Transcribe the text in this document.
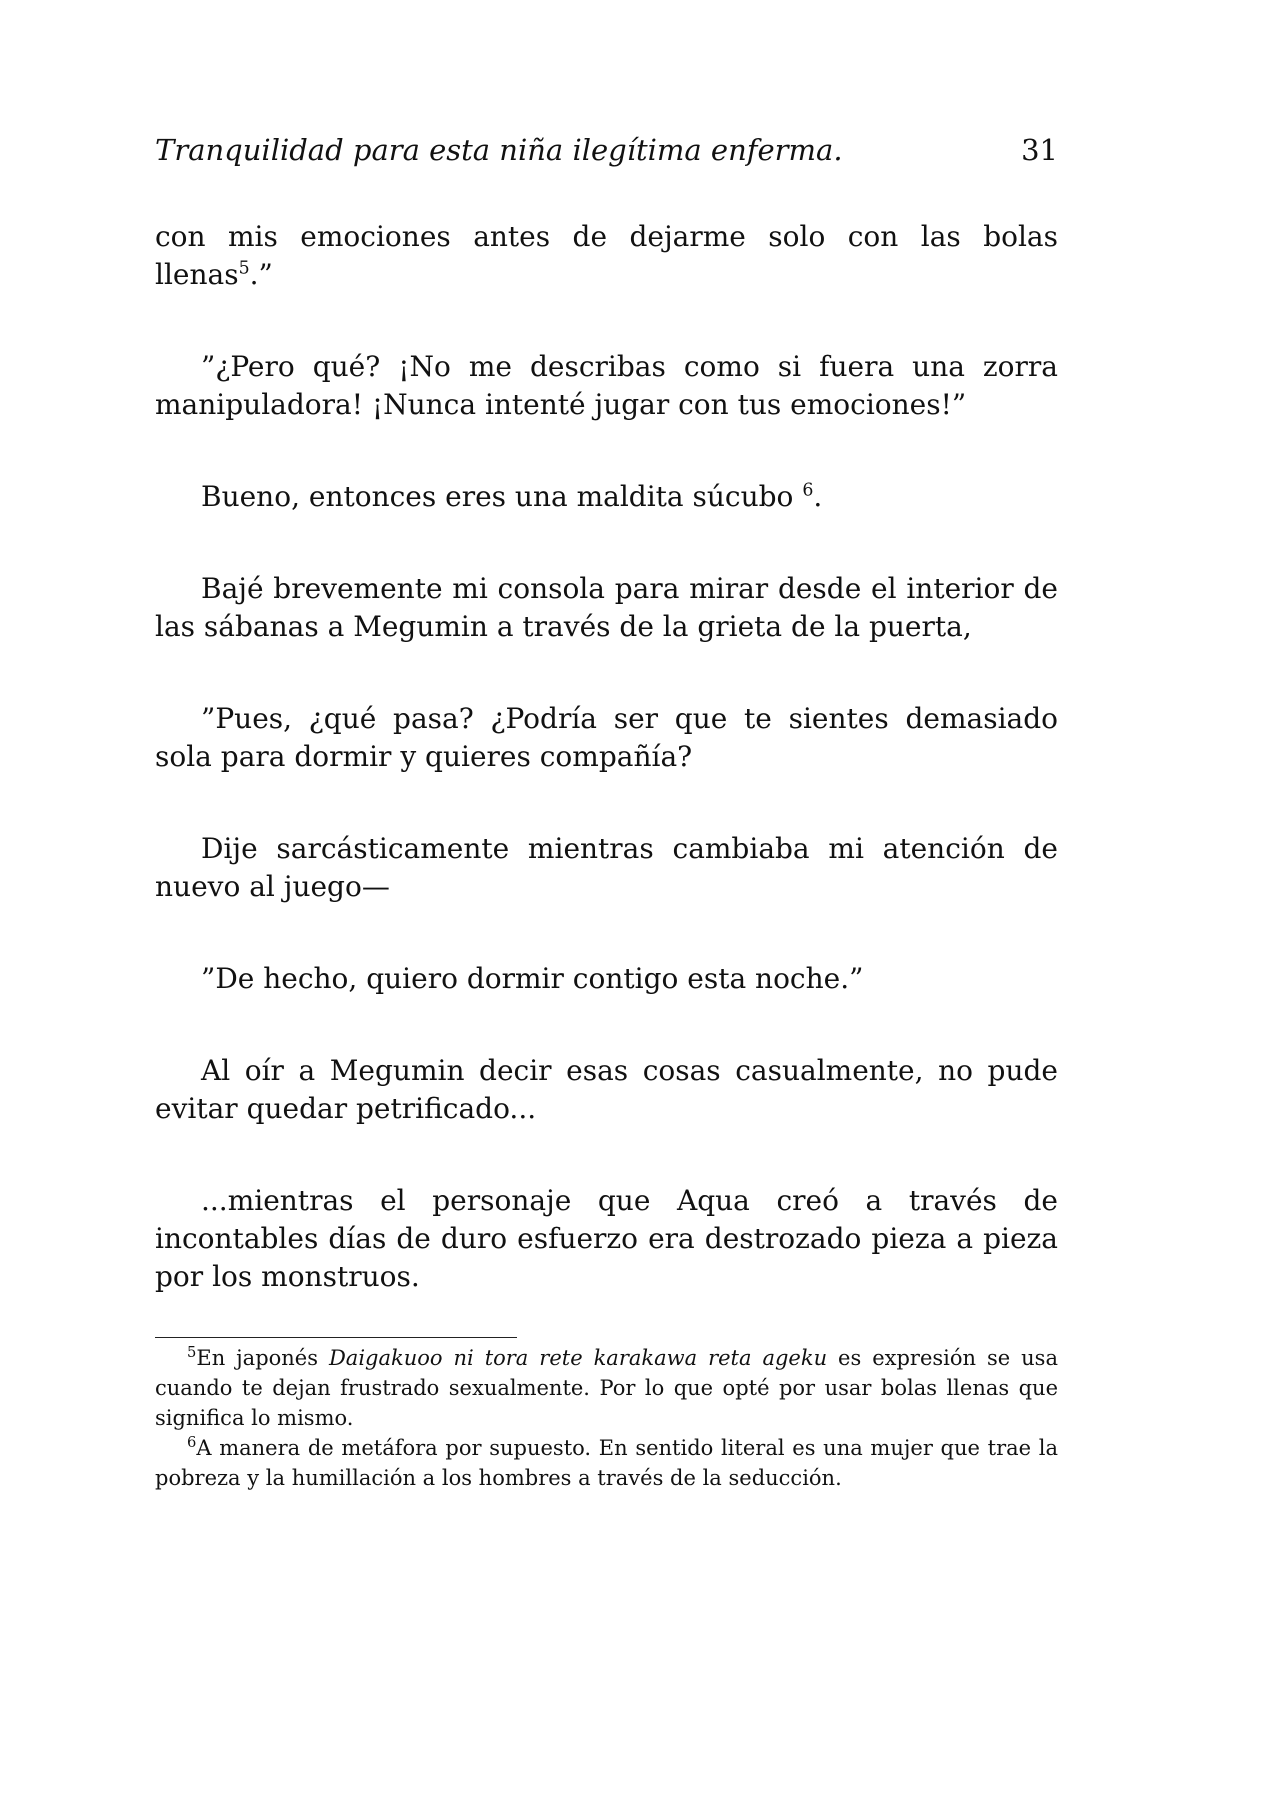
Tranquilidad para esta niña ilegítima enferma.	31

con mis emociones antes de dejarme solo con las bolas llenas$^5$.”

”¿Pero qué? ¡No me describas como si fuera una zorra manipuladora! ¡Nunca intenté jugar con tus emociones!”

Bueno, entonces eres una maldita súcubo $^6$.

Bajé brevemente mi consola para mirar desde el interior de las sábanas a Megumin a través de la grieta de la puerta,

”Pues, ¿qué pasa? ¿Podría ser que te sientes demasiado sola para dormir y quieres compañía?

Dije sarcásticamente mientras cambiaba mi atención de nuevo al juego—

”De hecho, quiero dormir contigo esta noche.”

Al oír a Megumin decir esas cosas casualmente, no pude evitar quedar petrificado...

...mientras el personaje que Aqua creó a través de incontables días de duro esfuerzo era destrozado pieza a pieza por los monstruos.

$^5$En japonés Daigakuoo ni tora rete karakawa reta ageku es expresión se usa cuando te dejan frustrado sexualmente. Por lo que opté por usar bolas llenas que significa lo mismo.

$^6$A manera de metáfora por supuesto. En sentido literal es una mujer que trae la pobreza y la humillación a los hombres a través de la seducción.
